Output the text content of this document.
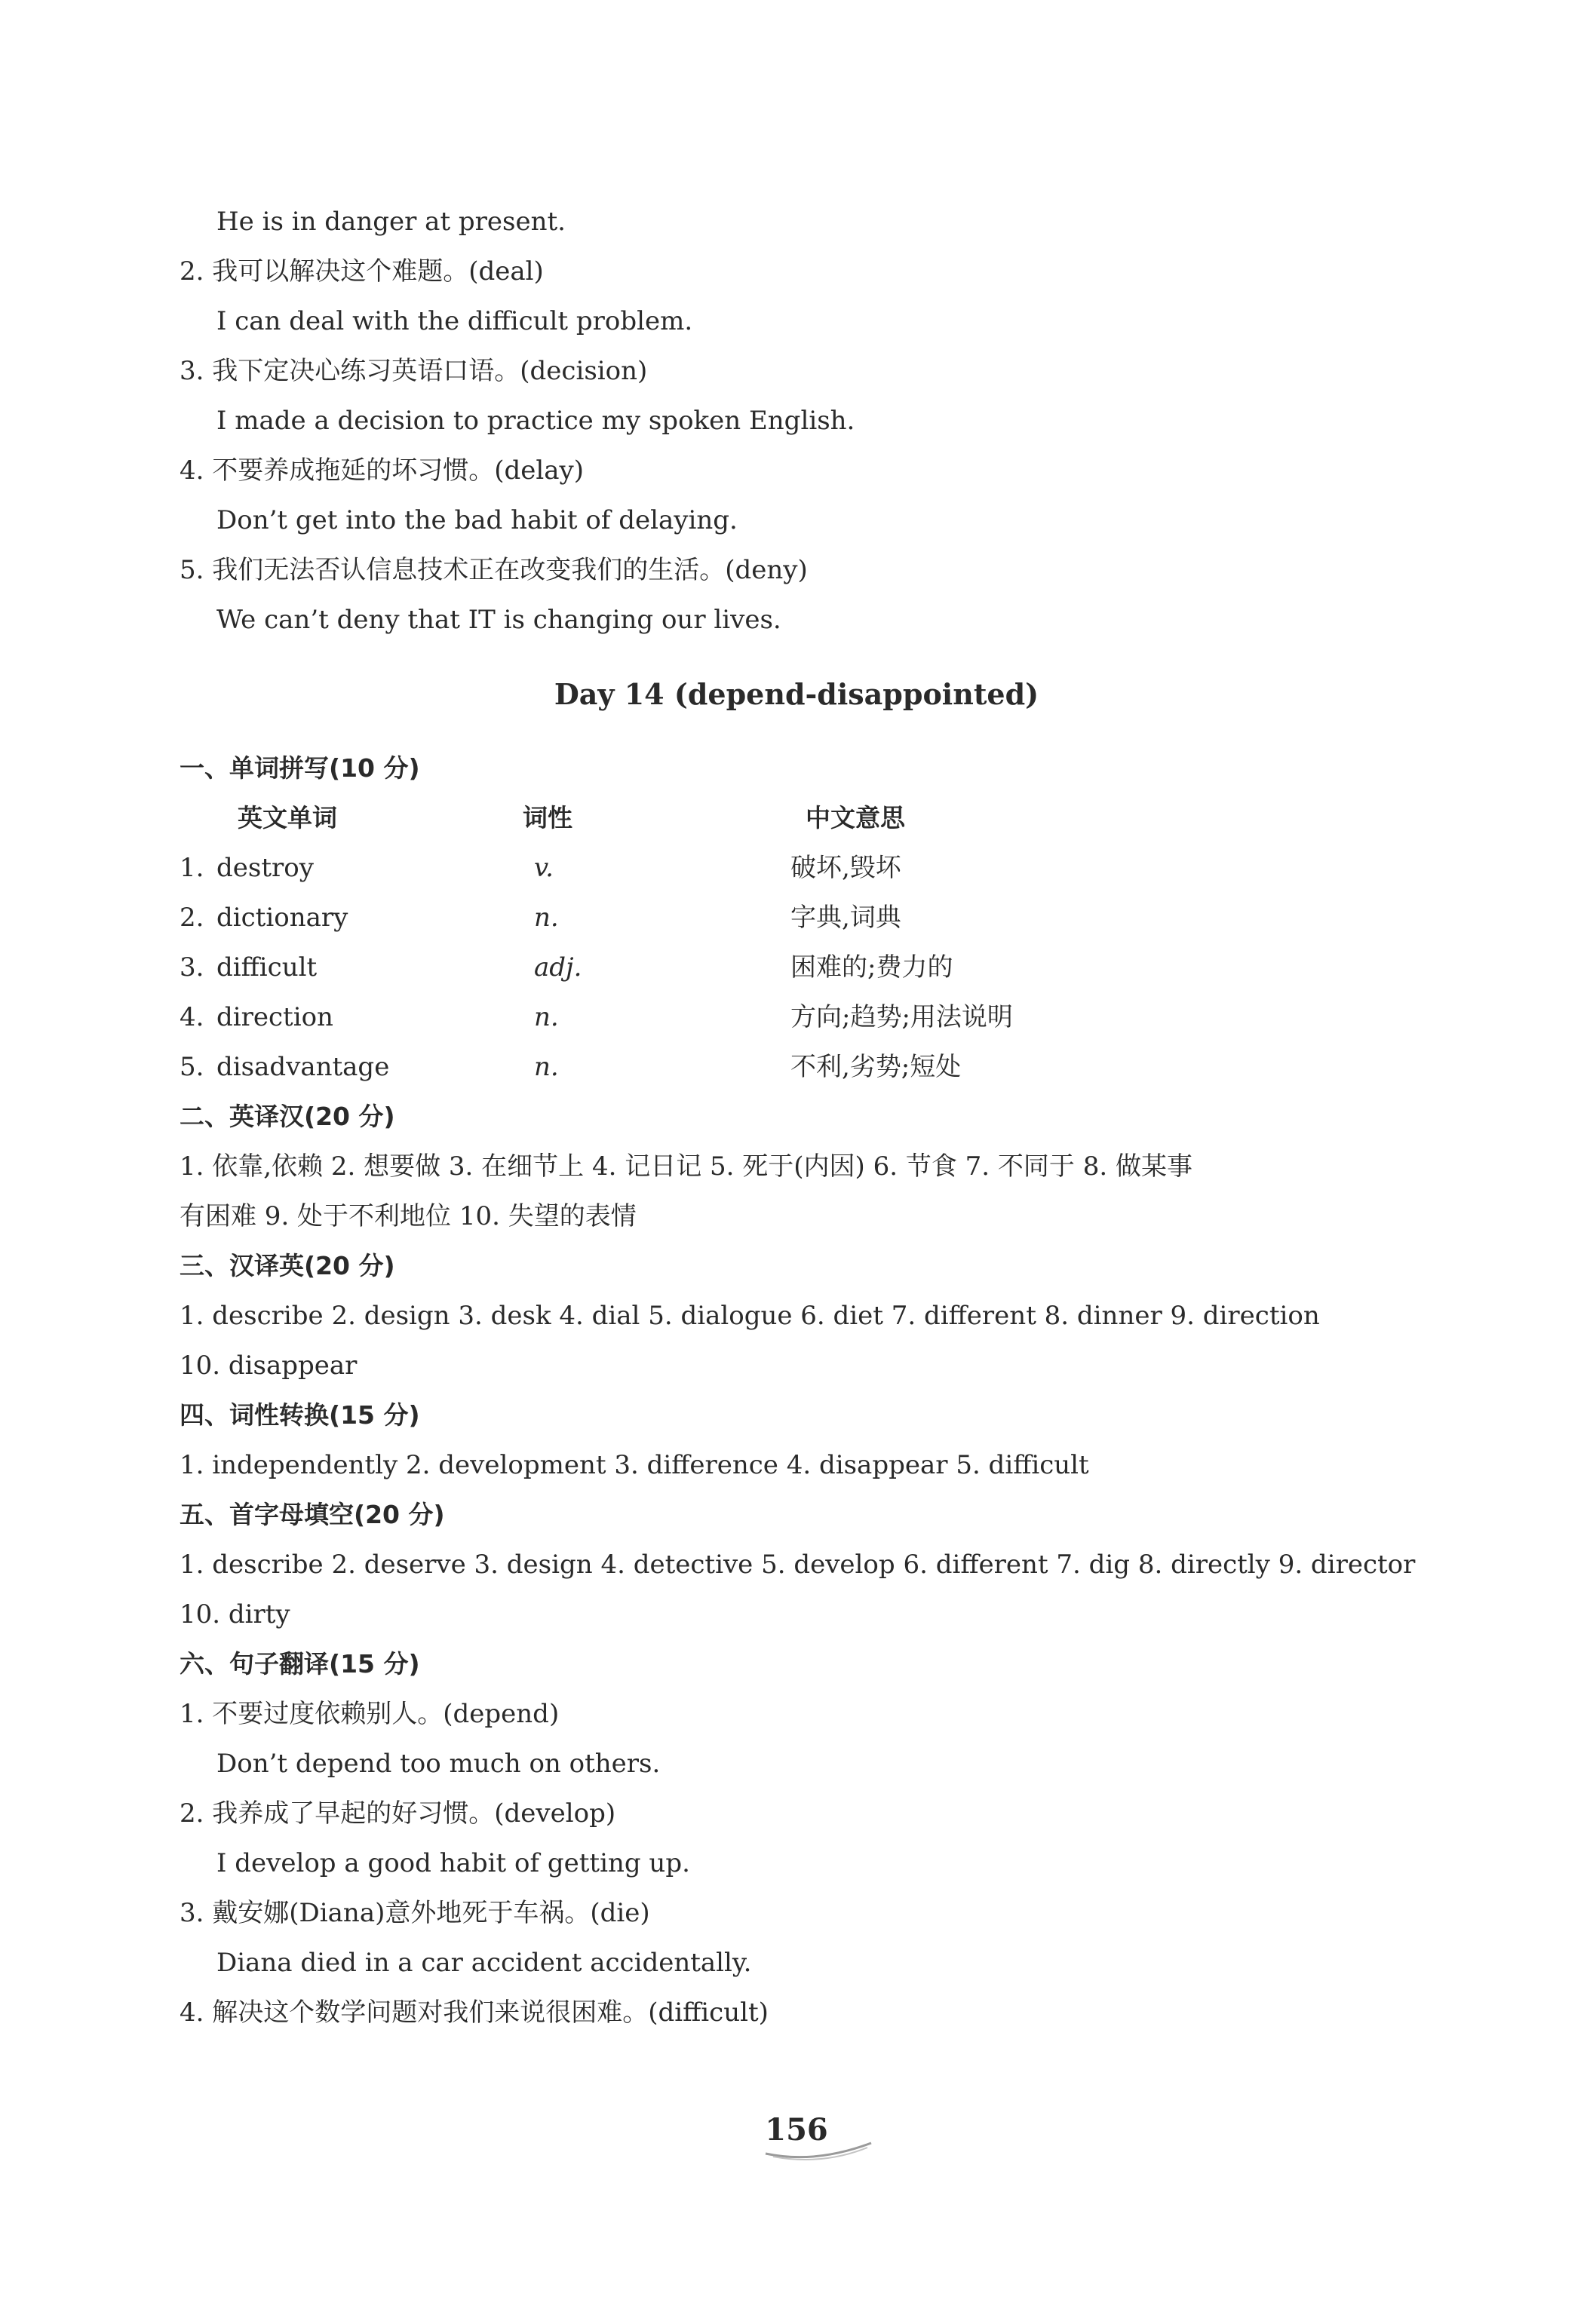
He is in danger at present.
2. 我可以解决这个难题。(deal)
I can deal with the difficult problem.
3. 我下定决心练习英语口语。(decision)
I made a decision to practice my spoken English.
4. 不要养成拖延的坏习惯。(delay)
Don’t get into the bad habit of delaying.
5. 我们无法否认信息技术正在改变我们的生活。(deny)
We can’t deny that IT is changing our lives.
Day 14 (depend-disappointed)
一、单词拼写(10 分)
英文单词	词性	中文意思
1. destroy	v.	破坏,毁坏
2. dictionary	n.	字典,词典
3. difficult	adj.	困难的;费力的
4. direction	n.	方向;趋势;用法说明
5. disadvantage	n.	不利,劣势;短处
二、英译汉(20 分)
1. 依靠,依赖 2. 想要做 3. 在细节上 4. 记日记 5. 死于(内因) 6. 节食 7. 不同于 8. 做某事
有困难 9. 处于不利地位 10. 失望的表情
三、汉译英(20 分)
1. describe 2. design 3. desk 4. dial 5. dialogue 6. diet 7. different 8. dinner 9. direction
10. disappear
四、词性转换(15 分)
1. independently 2. development 3. difference 4. disappear 5. difficult
五、首字母填空(20 分)
1. describe 2. deserve 3. design 4. detective 5. develop 6. different 7. dig 8. directly 9. director
10. dirty
六、句子翻译(15 分)
1. 不要过度依赖别人。(depend)
Don’t depend too much on others.
2. 我养成了早起的好习惯。(develop)
I develop a good habit of getting up.
3. 戴安娜(Diana)意外地死于车祸。(die)
Diana died in a car accident accidentally.
4. 解决这个数学问题对我们来说很困难。(difficult)
156
